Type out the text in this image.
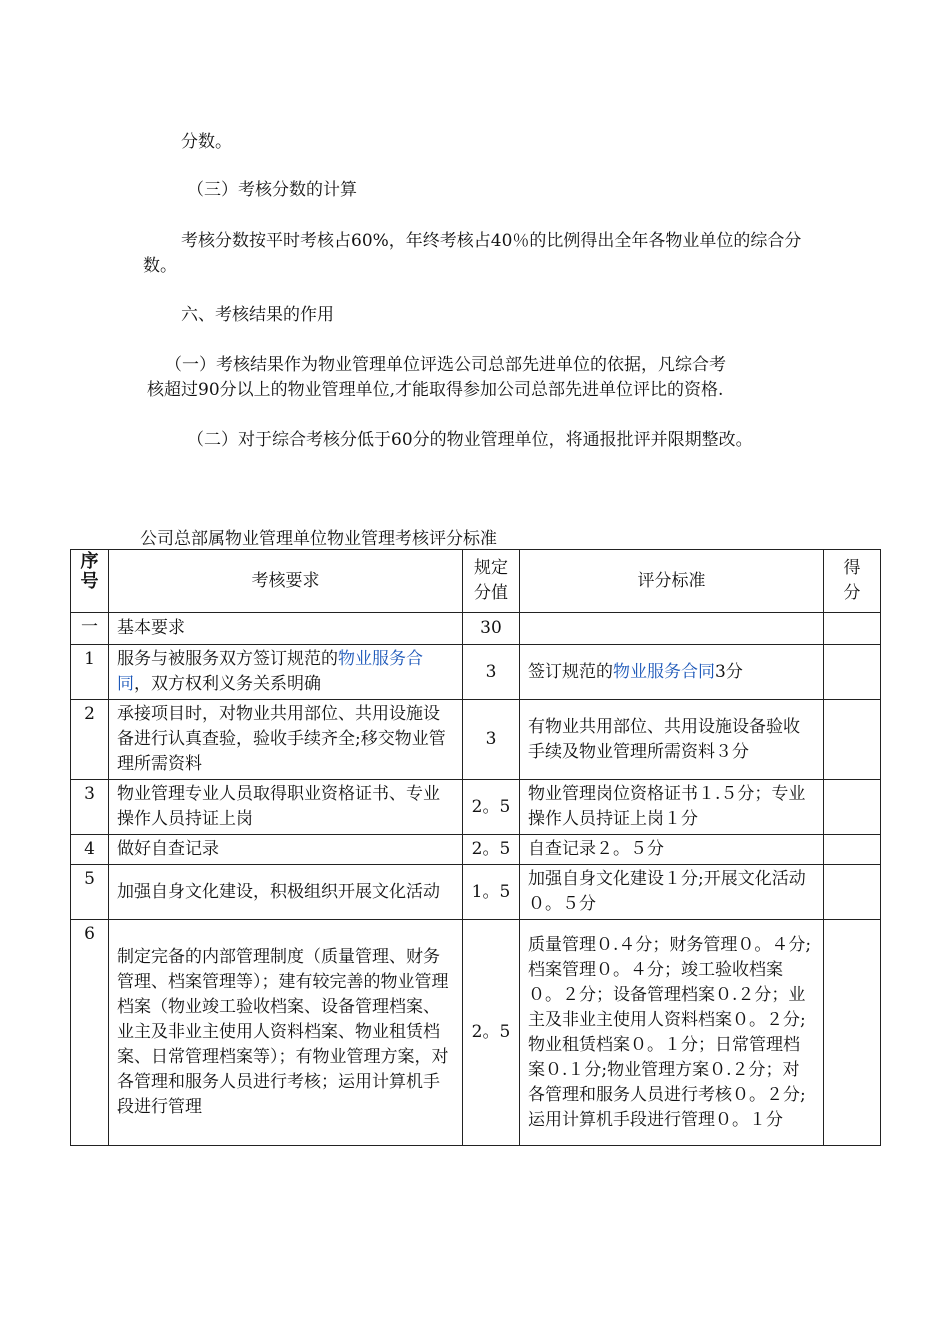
分数。
（三）考核分数的计算
考核分数按平时考核占60%，年终考核占40％的比例得出全年各物业单位的综合分
数。
六、考核结果的作用
（一）考核结果作为物业管理单位评选公司总部先进单位的依据，凡综合考
核超过90分以上的物业管理单位,才能取得参加公司总部先进单位评比的资格.
（二）对于综合考核分低于60分的物业管理单位，将通报批评并限期整改。
公司总部属物业管理单位物业管理考核评分标准
序号	考核要求	规定分值	评分标准	得分

一	基本要求	30		
1	服务与被服务双方签订规范的物业服务合同，双方权利义务关系明确	3	签订规范的物业服务合同3分	
2	承接项目时，对物业共用部位、共用设施设备进行认真查验，验收手续齐全;移交物业管理所需资料	3	有物业共用部位、共用设施设备验收手续及物业管理所需资料３分	
3	物业管理专业人员取得职业资格证书、专业操作人员持证上岗	2。5	物业管理岗位资格证书１.５分；专业操作人员持证上岗１分	
4	做好自查记录	2。5	自查记录２。５分	
5	加强自身文化建设，积极组织开展文化活动	1。5	加强自身文化建设１分;开展文化活动０。５分	
6	制定完备的内部管理制度（质量管理、财务管理、档案管理等）；建有较完善的物业管理档案（物业竣工验收档案、设备管理档案、业主及非业主使用人资料档案、物业租赁档案、日常管理档案等）；有物业管理方案，对各管理和服务人员进行考核；运用计算机手段进行管理	2。5	质量管理０.４分；财务管理０。４分;档案管理０。４分；竣工验收档案０。２分；设备管理档案０.２分；业主及非业主使用人资料档案０。２分;物业租赁档案０。１分；日常管理档案０.１分;物业管理方案０.２分；对各管理和服务人员进行考核０。２分;运用计算机手段进行管理０。１分	
